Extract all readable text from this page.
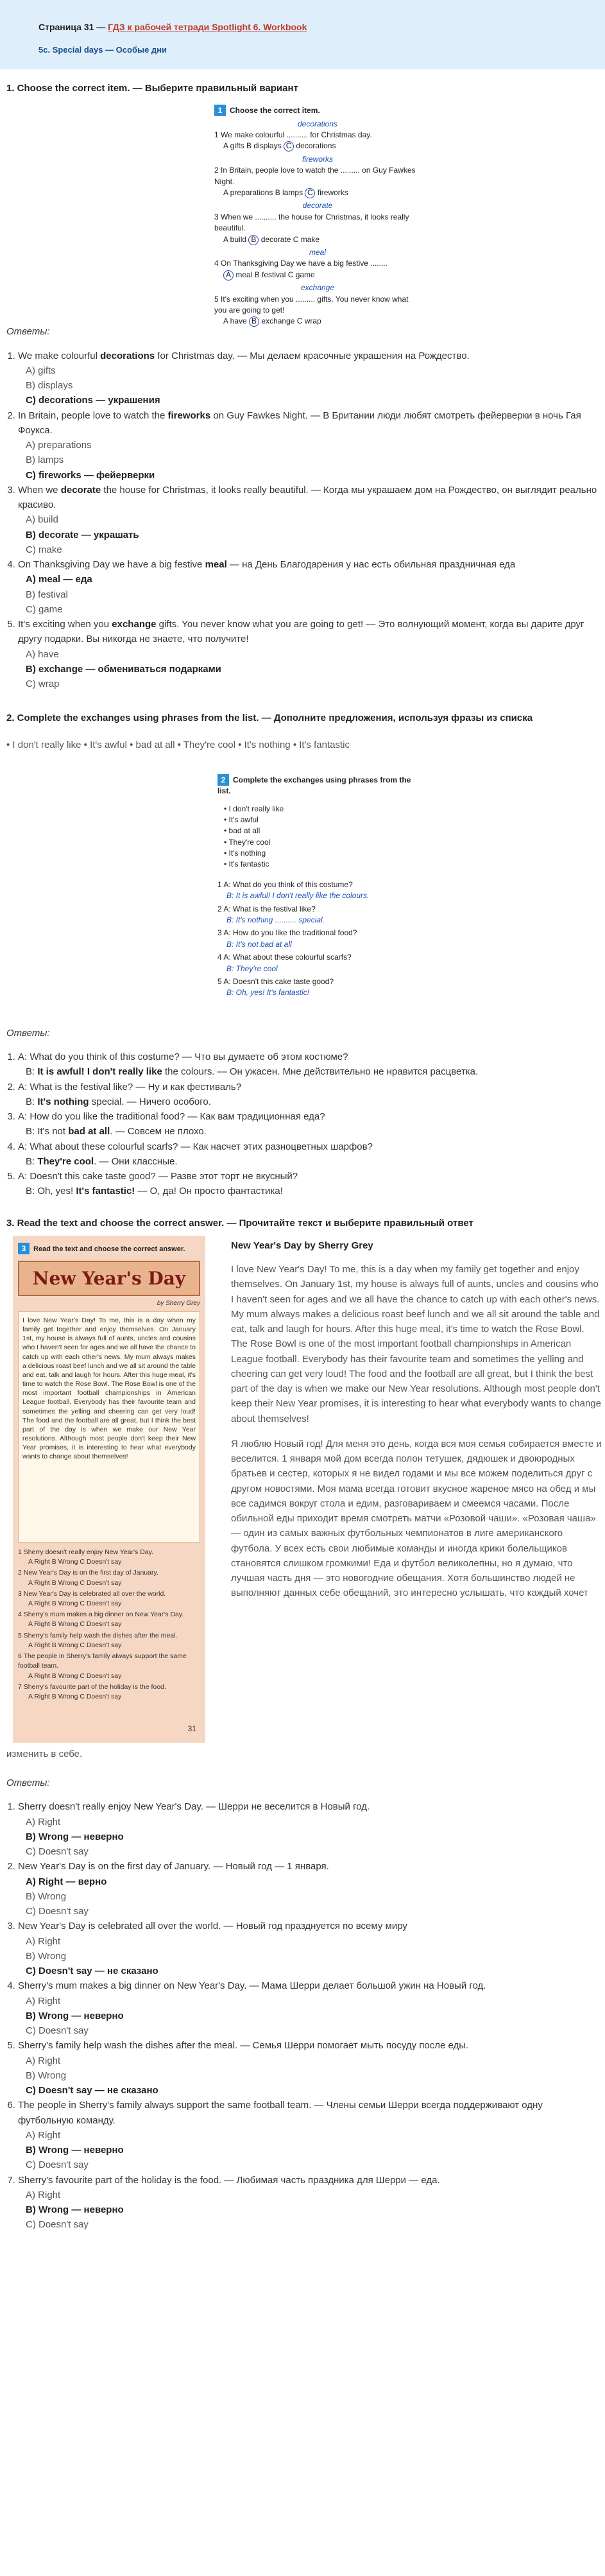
Страница 31 — ГДЗ к рабочей тетради Spotlight 6. Workbook
5c. Special days — Особые дни
1. Choose the correct item. — Выберите правильный вариант
1 Choose the correct item.
decorations
1 We make colourful .......... for Christmas day.
A gifts B displays C decorations
fireworks
2 In Britain, people love to watch the ......... on Guy Fawkes Night.
A preparations B lamps C fireworks
decorate
3 When we .......... the house for Christmas, it looks really beautiful.
A build B decorate C make
meal
4 On Thanksgiving Day we have a big festive ........
A meal B festival C game
exchange
5 It's exciting when you ......... gifts. You never know what you are going to get!
A have B exchange C wrap
Ответы:
1. We make colourful decorations for Christmas day. — Мы делаем красочные украшения на Рождество.
A) gifts
B) displays
C) decorations — украшения
2. In Britain, people love to watch the fireworks on Guy Fawkes Night. — В Британии люди любят смотреть фейерверки в ночь Гая Фоукса.
A) preparations
B) lamps
C) fireworks — фейерверки
3. When we decorate the house for Christmas, it looks really beautiful. — Когда мы украшаем дом на Рождество, он выглядит реально красиво.
A) build
B) decorate — украшать
C) make
4. On Thanksgiving Day we have a big festive meal — на День Благодарения у нас есть обильная праздничная еда
A) meal — еда
B) festival
C) game
5. It's exciting when you exchange gifts. You never know what you are going to get! — Это волнующий момент, когда вы дарите друг другу подарки. Вы никогда не знаете, что получите!
A) have
B) exchange — обмениваться подарками
C) wrap
2. Complete the exchanges using phrases from the list. — Дополните предложения, используя фразы из списка
• I don't really like • It's awful • bad at all • They're cool • It's nothing • It's fantastic
2 Complete the exchanges using phrases from the list.
• I don't really like
• It's awful
• bad at all
• They're cool
• It's nothing
• It's fantastic
1 A: What do you think of this costume?
B: It is awful! I don't really like the colours.
2 A: What is the festival like?
B: It's nothing .......... special.
3 A: How do you like the traditional food?
B: It's not bad at all
4 A: What about these colourful scarfs?
B: They're cool
5 A: Doesn't this cake taste good?
B: Oh, yes! It's fantastic!
Ответы:
1. A: What do you think of this costume? — Что вы думаете об этом костюме?
B: It is awful! I don't really like the colours. — Он ужасен. Мне действительно не нравится расцветка.
2. A: What is the festival like? — Ну и как фестиваль?
B: It's nothing special. — Ничего особого.
3. A: How do you like the traditional food? — Как вам традиционная еда?
B: It's not bad at all. — Совсем не плохо.
4. A: What about these colourful scarfs? — Как насчет этих разноцветных шарфов?
B: They're cool. — Они классные.
5. A: Doesn't this cake taste good? — Разве этот торт не вкусный?
B: Oh, yes! It's fantastic! — О, да! Он просто фантастика!
3. Read the text and choose the correct answer. — Прочитайте текст и выберите правильный ответ
3 Read the text and choose the correct answer.
New Year's Day
by Sherry Grey
I love New Year's Day! To me, this is a day when my family get together and enjoy themselves. On January 1st, my house is always full of aunts, uncles and cousins who I haven't seen for ages and we all have the chance to catch up with each other's news. My mum always makes a delicious roast beef lunch and we all sit around the table and eat, talk and laugh for hours. After this huge meal, it's time to watch the Rose Bowl. The Rose Bowl is one of the most important football championships in American League football. Everybody has their favourite team and sometimes the yelling and cheering can get very loud! The food and the football are all great, but I think the best part of the day is when we make our New Year resolutions. Although most people don't keep their New Year promises, it is interesting to hear what everybody wants to change about themselves!
1 Sherry doesn't really enjoy New Year's Day.
A Right B Wrong C Doesn't say
2 New Year's Day is on the first day of January.
A Right B Wrong C Doesn't say
3 New Year's Day is celebrated all over the world.
A Right B Wrong C Doesn't say
4 Sherry's mum makes a big dinner on New Year's Day.
A Right B Wrong C Doesn't say
5 Sherry's family help wash the dishes after the meal.
A Right B Wrong C Doesn't say
6 The people in Sherry's family always support the same football team.
A Right B Wrong C Doesn't say
7 Sherry's favourite part of the holiday is the food.
A Right B Wrong C Doesn't say
31
New Year's Day by Sherry Grey

I love New Year's Day! To me, this is a day when my family get together and enjoy themselves. On January 1st, my house is always full of aunts, uncles and cousins who I haven't seen for ages and we all have the chance to catch up with each other's news. My mum always makes a delicious roast beef lunch and we all sit around the table and eat, talk and laugh for hours. After this huge meal, it's time to watch the Rose Bowl. The Rose Bowl is one of the most important football championships in American League football. Everybody has their favourite team and sometimes the yelling and cheering can get very loud! The food and the football are all great, but I think the best part of the day is when we make our New Year resolutions. Although most people don't keep their New Year promises, it is interesting to hear what everybody wants to change about themselves!

Я люблю Новый год! Для меня это день, когда вся моя семья собирается вместе и веселится. 1 января мой дом всегда полон тетушек, дядюшек и двоюродных братьев и сестер, которых я не видел годами и мы все можем поделиться друг с другом новостями. Моя мама всегда готовит вкусное жареное мясо на обед и мы все садимся вокруг стола и едим, разговариваем и смеемся часами. После обильной еды приходит время смотреть матчи «Розовой чаши». «Розовая чаша» — один из самых важных футбольных чемпионатов в лиге американского футбола. У всех есть свои любимые команды и иногда крики болельщиков становятся слишком громкими! Еда и футбол великолепны, но я думаю, что лучшая часть дня — это новогодние обещания. Хотя большинство людей не выполняют данных себе обещаний, это интересно услышать, что каждый хочет

изменить в себе.
Ответы:
1. Sherry doesn't really enjoy New Year's Day. — Шерри не веселится в Новый год.
A) Right
B) Wrong — неверно
C) Doesn't say
2. New Year's Day is on the first day of January. — Новый год — 1 января.
A) Right — верно
B) Wrong
C) Doesn't say
3. New Year's Day is celebrated all over the world. — Новый год празднуется по всему миру
A) Right
B) Wrong
C) Doesn't say — не сказано
4. Sherry's mum makes a big dinner on New Year's Day. — Мама Шерри делает большой ужин на Новый год.
A) Right
B) Wrong — неверно
C) Doesn't say
5. Sherry's family help wash the dishes after the meal. — Семья Шерри помогает мыть посуду после еды.
A) Right
B) Wrong
C) Doesn't say — не сказано
6. The people in Sherry's family always support the same football team. — Члены семьи Шерри всегда поддерживают одну футбольную команду.
A) Right
B) Wrong — неверно
C) Doesn't say
7. Sherry's favourite part of the holiday is the food. — Любимая часть праздника для Шерри — еда.
A) Right
B) Wrong — неверно
C) Doesn't say
